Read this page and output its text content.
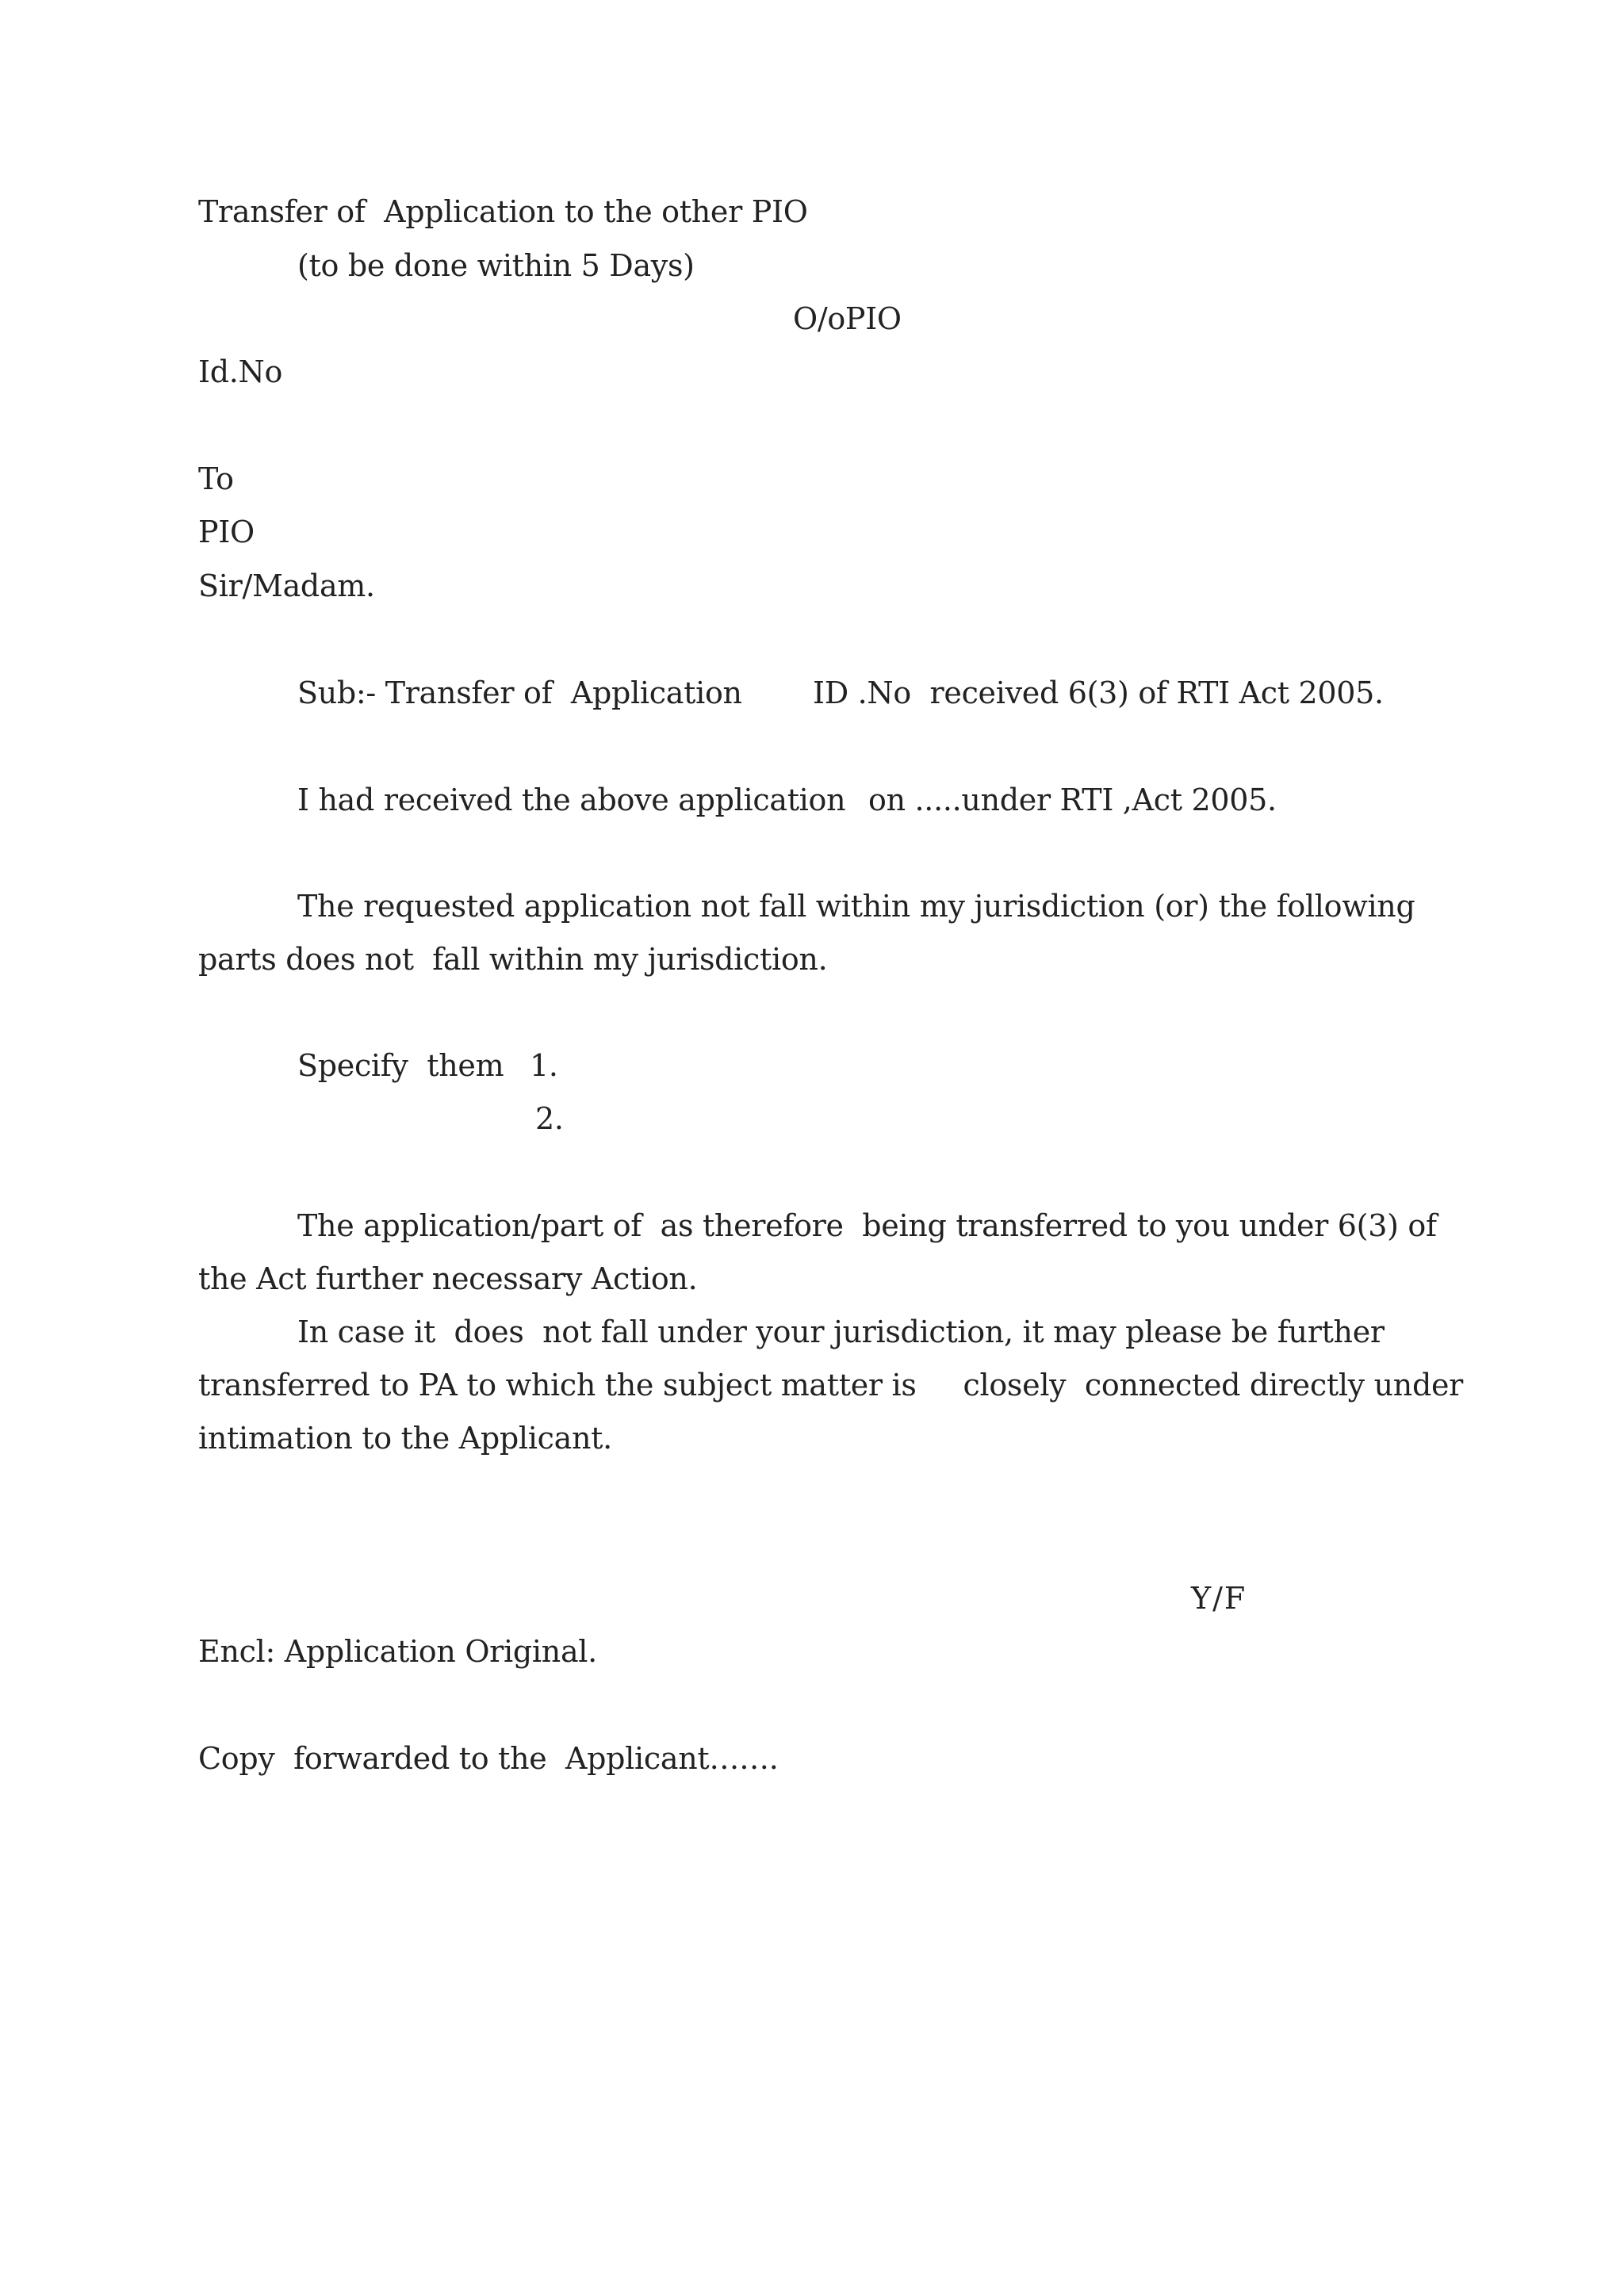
Transfer of  Application to the other PIO
(to be done within 5 Days)
O/oPIO
Id.No
To
PIO
Sir/Madam.
Sub:- Transfer of  Application ID .No  received 6(3) of RTI Act 2005.
I had received the above application on .....under RTI ,Act 2005.
The requested application not fall within my jurisdiction (or) the following
parts does not  fall within my jurisdiction.
Specify  them 1.
2.
The application/part of  as therefore  being transferred to you under 6(3) of
the Act further necessary Action.
In case it  does  not fall under your jurisdiction, it may please be further
transferred to PA to which the subject matter is     closely  connected directly under
intimation to the Applicant.
Y/F
Encl: Application Original.
Copy  forwarded to the  Applicant…….
